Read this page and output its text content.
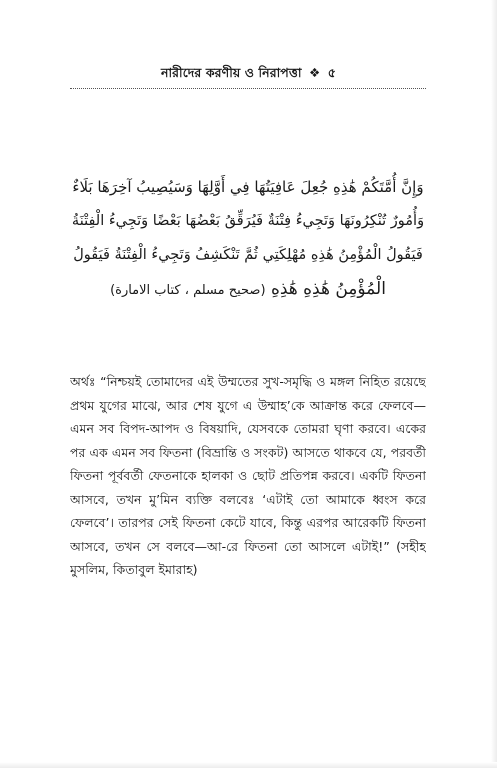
নারীদের করণীয় ও নিরাপত্তা ❖ ৫
وَإِنَّ أُمَّتَكُمْ هَٰذِهِ جُعِلَ عَافِيَتُهَا فِي أَوَّلِهَا وَسَيُصِيبُ آخِرَهَا بَلَاءٌ
وَأُمُورٌ تُنْكِرُونَهَا وَتَجِيءُ فِتْنَةٌ فَيُرَقِّقُ بَعْضُهَا بَعْضًا وَتَجِيءُ الْفِتْنَةُ
فَيَقُولُ الْمُؤْمِنُ هَٰذِهِ مُهْلِكَتِي ثُمَّ تَنْكَشِفُ وَتَجِيءُ الْفِتْنَةُ فَيَقُولُ
الْمُؤْمِنُ هَٰذِهِ هَٰذِهِ (صحيح مسلم ، كتاب الامارة)
অর্থঃ “নিশ্চয়ই তোমাদের এই উম্মতের সুখ-সমৃদ্ধি ও মঙ্গল নিহিত রয়েছে
প্রথম যুগের মাঝে, আর শেষ যুগে এ উম্মাহ’কে আক্রান্ত করে ফেলবে—
এমন সব বিপদ-আপদ ও বিষয়াদি, যেসবকে তোমরা ঘৃণা করবে। একের
পর এক এমন সব ফিতনা (বিভ্রান্তি ও সংকট) আসতে থাকবে যে, পরবর্তী
ফিতনা পূর্ববর্তী ফেতনাকে হালকা ও ছোট প্রতিপন্ন করবে। একটি ফিতনা
আসবে, তখন মু’মিন ব্যক্তি বলবেঃ ‘এটাই তো আমাকে ধ্বংস করে
ফেলবে’। তারপর সেই ফিতনা কেটে যাবে, কিন্তু এরপর আরেকটি ফিতনা
আসবে, তখন সে বলবে—আ-রে ফিতনা তো আসলে এটাই!” (সহীহ
মুসলিম, কিতাবুল ইমারাহ)
